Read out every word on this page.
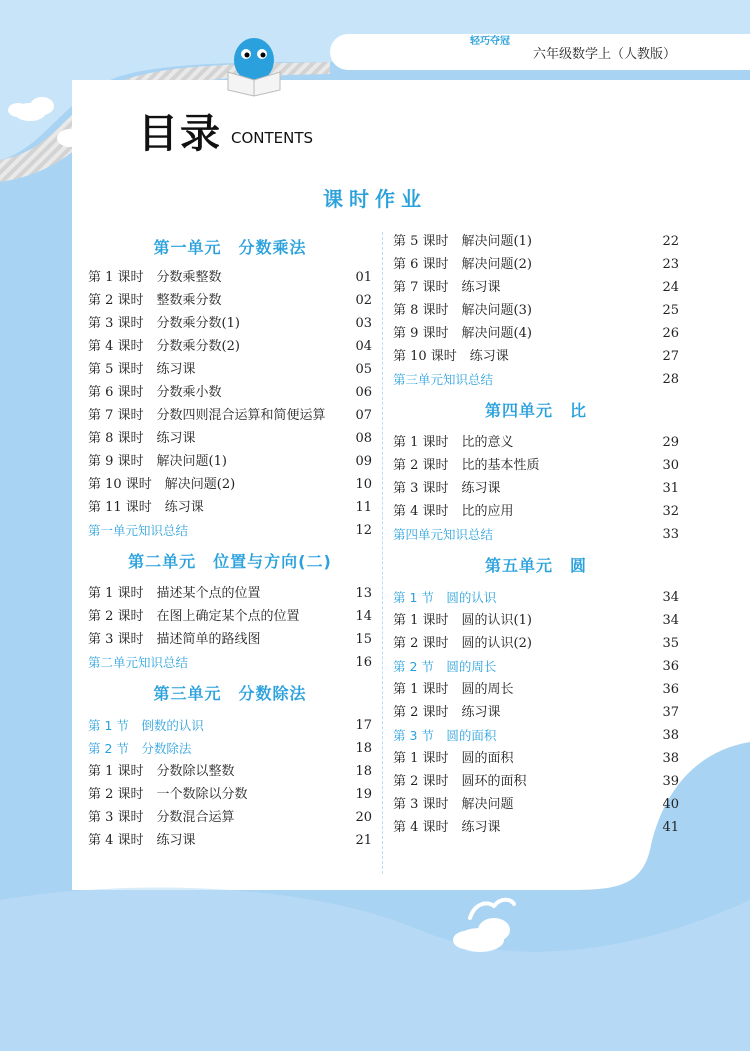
轻巧夺冠
六年级数学上（人教版）
目录 CONTENTS
课时作业
第一单元　分数乘法
第 1 课时　分数乘整数	01
第 2 课时　整数乘分数	02
第 3 课时　分数乘分数(1)	03
第 4 课时　分数乘分数(2)	04
第 5 课时　练习课	05
第 6 课时　分数乘小数	06
第 7 课时　分数四则混合运算和简便运算 07
第 8 课时　练习课	08
第 9 课时　解决问题(1)	09
第 10 课时　解决问题(2)	10
第 11 课时　练习课	11
第一单元知识总结	12
第二单元　位置与方向(二)
第 1 课时　描述某个点的位置	13
第 2 课时　在图上确定某个点的位置	14
第 3 课时　描述简单的路线图	15
第二单元知识总结	16
第三单元　分数除法
第 1 节　倒数的认识	17
第 2 节　分数除法	18
第 1 课时　分数除以整数	18
第 2 课时　一个数除以分数	19
第 3 课时　分数混合运算	20
第 4 课时　练习课	21
第 5 课时　解决问题(1)	22
第 6 课时　解决问题(2)	23
第 7 课时　练习课	24
第 8 课时　解决问题(3)	25
第 9 课时　解决问题(4)	26
第 10 课时　练习课	27
第三单元知识总结	28
第四单元　比
第 1 课时　比的意义	29
第 2 课时　比的基本性质	30
第 3 课时　练习课	31
第 4 课时　比的应用	32
第四单元知识总结	33
第五单元　圆
第 1 节　圆的认识	34
第 1 课时　圆的认识(1)	34
第 2 课时　圆的认识(2)	35
第 2 节　圆的周长	36
第 1 课时　圆的周长	36
第 2 课时　练习课	37
第 3 节　圆的面积	38
第 1 课时　圆的面积	38
第 2 课时　圆环的面积	39
第 3 课时　解决问题	40
第 4 课时　练习课	41
